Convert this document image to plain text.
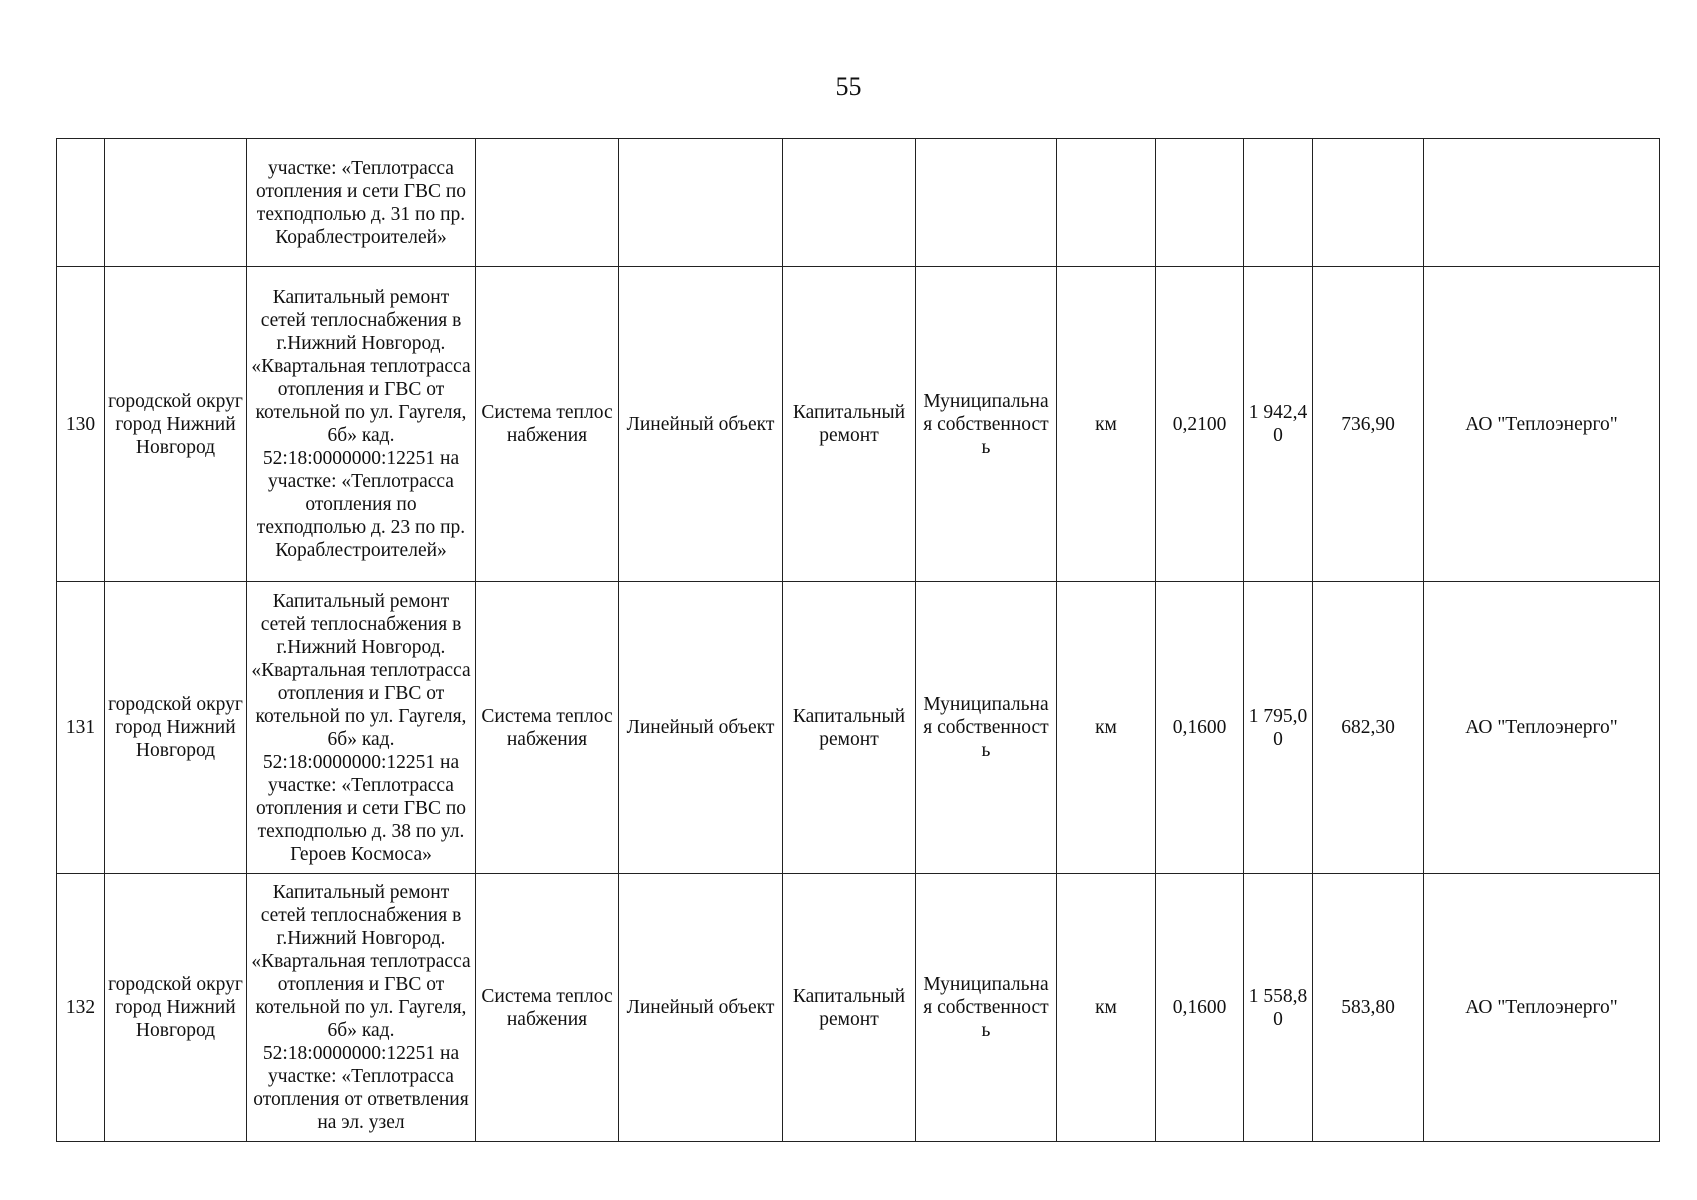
55
		участке: «Теплотрасса отопления и сети ГВС по техподполью д. 31 по пр. Кораблестроителей»									
130	городской округ город Нижний Новгород	Капитальный ремонт сетей теплоснабжения в г.Нижний Новгород. «Квартальная теплотрасса отопления и ГВС от котельной по ул. Гаугеля, 6б» кад. 52:18:0000000:12251 на участке: «Теплотрасса отопления по техподполью д. 23 по пр. Кораблестроителей»	Система теплоснабжения	Линейный объект	Капитальный ремонт	Муниципальная собственность	км	0,2100	1 942,40	736,90	АО "Теплоэнерго"
131	городской округ город Нижний Новгород	Капитальный ремонт сетей теплоснабжения в г.Нижний Новгород. «Квартальная теплотрасса отопления и ГВС от котельной по ул. Гаугеля, 6б» кад. 52:18:0000000:12251 на участке: «Теплотрасса отопления и сети ГВС по техподполью д. 38 по ул. Героев Космоса»	Система теплоснабжения	Линейный объект	Капитальный ремонт	Муниципальная собственность	км	0,1600	1 795,00	682,30	АО "Теплоэнерго"
132	городской округ город Нижний Новгород	Капитальный ремонт сетей теплоснабжения в г.Нижний Новгород. «Квартальная теплотрасса отопления и ГВС от котельной по ул. Гаугеля, 6б» кад. 52:18:0000000:12251 на участке: «Теплотрасса отопления от ответвления на эл. узел	Система теплоснабжения	Линейный объект	Капитальный ремонт	Муниципальная собственность	км	0,1600	1 558,80	583,80	АО "Теплоэнерго"
